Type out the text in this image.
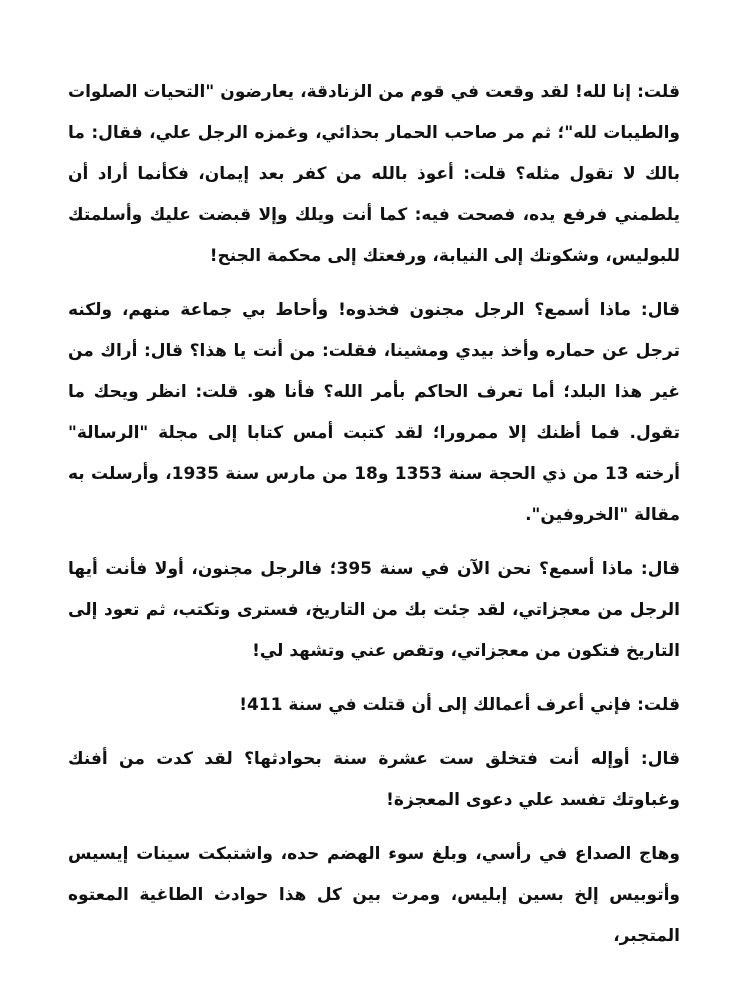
قلت: إنا لله! لقد وقعت في قوم من الزنادقة، يعارضون "التحيات الصلوات والطيبات لله"؛ ثم مر صاحب الحمار بحذائي، وغمزه الرجل علي، فقال: ما بالك لا تقول مثله؟ قلت: أعوذ بالله من كفر بعد إيمان، فكأنما أراد أن يلطمني فرفع يده، فصحت فيه: كما أنت ويلك وإلا قبضت عليك وأسلمتك للبوليس، وشكوتك إلى النيابة، ورفعتك إلى محكمة الجنح!

قال: ماذا أسمع؟ الرجل مجنون فخذوه! وأحاط بي جماعة منهم، ولكنه ترجل عن حماره وأخذ بيدي ومشينا، فقلت: من أنت يا هذا؟ قال: أراك من غير هذا البلد؛ أما تعرف الحاكم بأمر الله؟ فأنا هو. قلت: انظر ويحك ما تقول. فما أظنك إلا ممرورا؛ لقد كتبت أمس كتابا إلى مجلة "الرسالة" أرخته 13 من ذي الحجة سنة 1353 و18 من مارس سنة 1935، وأرسلت به مقالة "الخروفين".

قال: ماذا أسمع؟ نحن الآن في سنة 395؛ فالرجل مجنون، أولا فأنت أيها الرجل من معجزاتي، لقد جئت بك من التاريخ، فسترى وتكتب، ثم تعود إلى التاريخ فتكون من معجزاتي، وتقص عني وتشهد لي!

قلت: فإني أعرف أعمالك إلى أن قتلت في سنة 411!

قال: أوإله أنت فتخلق ست عشرة سنة بحوادثها؟ لقد كدت من أفنك وغباوتك تفسد علي دعوى المعجزة!

وهاج الصداع في رأسي، وبلغ سوء الهضم حده، واشتبكت سينات إيسيس وأتوبيس إلخ بسين إبليس، ومرت بين كل هذا حوادث الطاغية المعتوه المتجبر،
